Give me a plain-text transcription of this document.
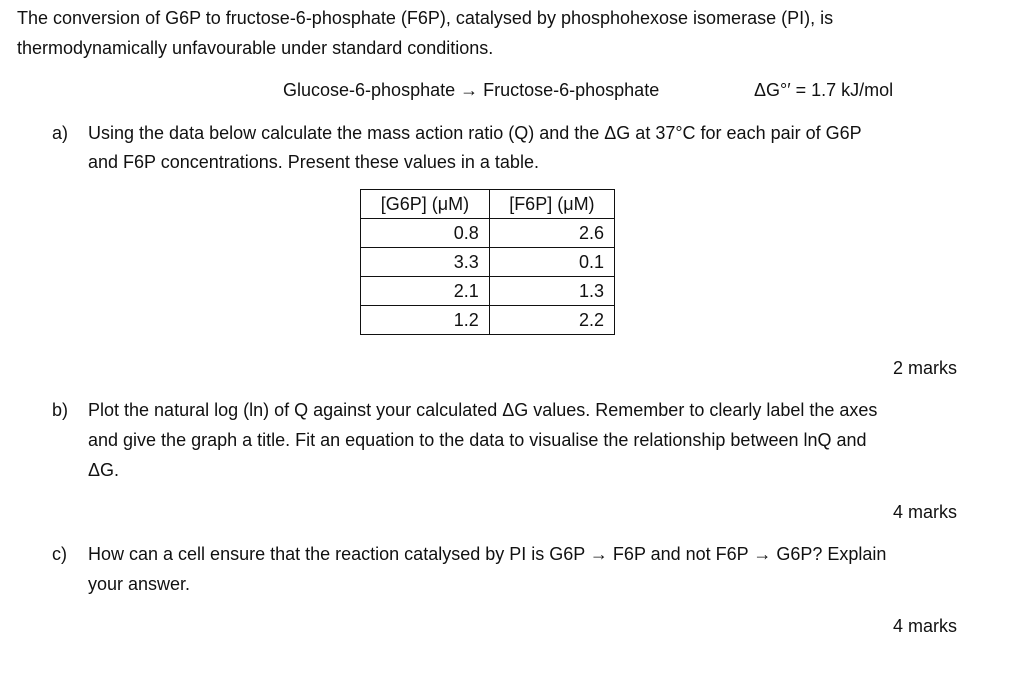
The conversion of G6P to fructose-6-phosphate (F6P), catalysed by phosphohexose isomerase (PI), is
thermodynamically unfavourable under standard conditions.
Glucose-6-phosphate → Fructose-6-phosphate	ΔG°′ = 1.7 kJ/mol
a) Using the data below calculate the mass action ratio (Q) and the ΔG at 37°C for each pair of G6P
and F6P concentrations. Present these values in a table.
[G6P] (μM)	[F6P] (μM)
0.8	2.6
3.3	0.1
2.1	1.3
1.2	2.2
2 marks
b) Plot the natural log (ln) of Q against your calculated ΔG values. Remember to clearly label the axes
and give the graph a title. Fit an equation to the data to visualise the relationship between lnQ and
ΔG.
4 marks
c) How can a cell ensure that the reaction catalysed by PI is G6P → F6P and not F6P → G6P? Explain
your answer.
4 marks
